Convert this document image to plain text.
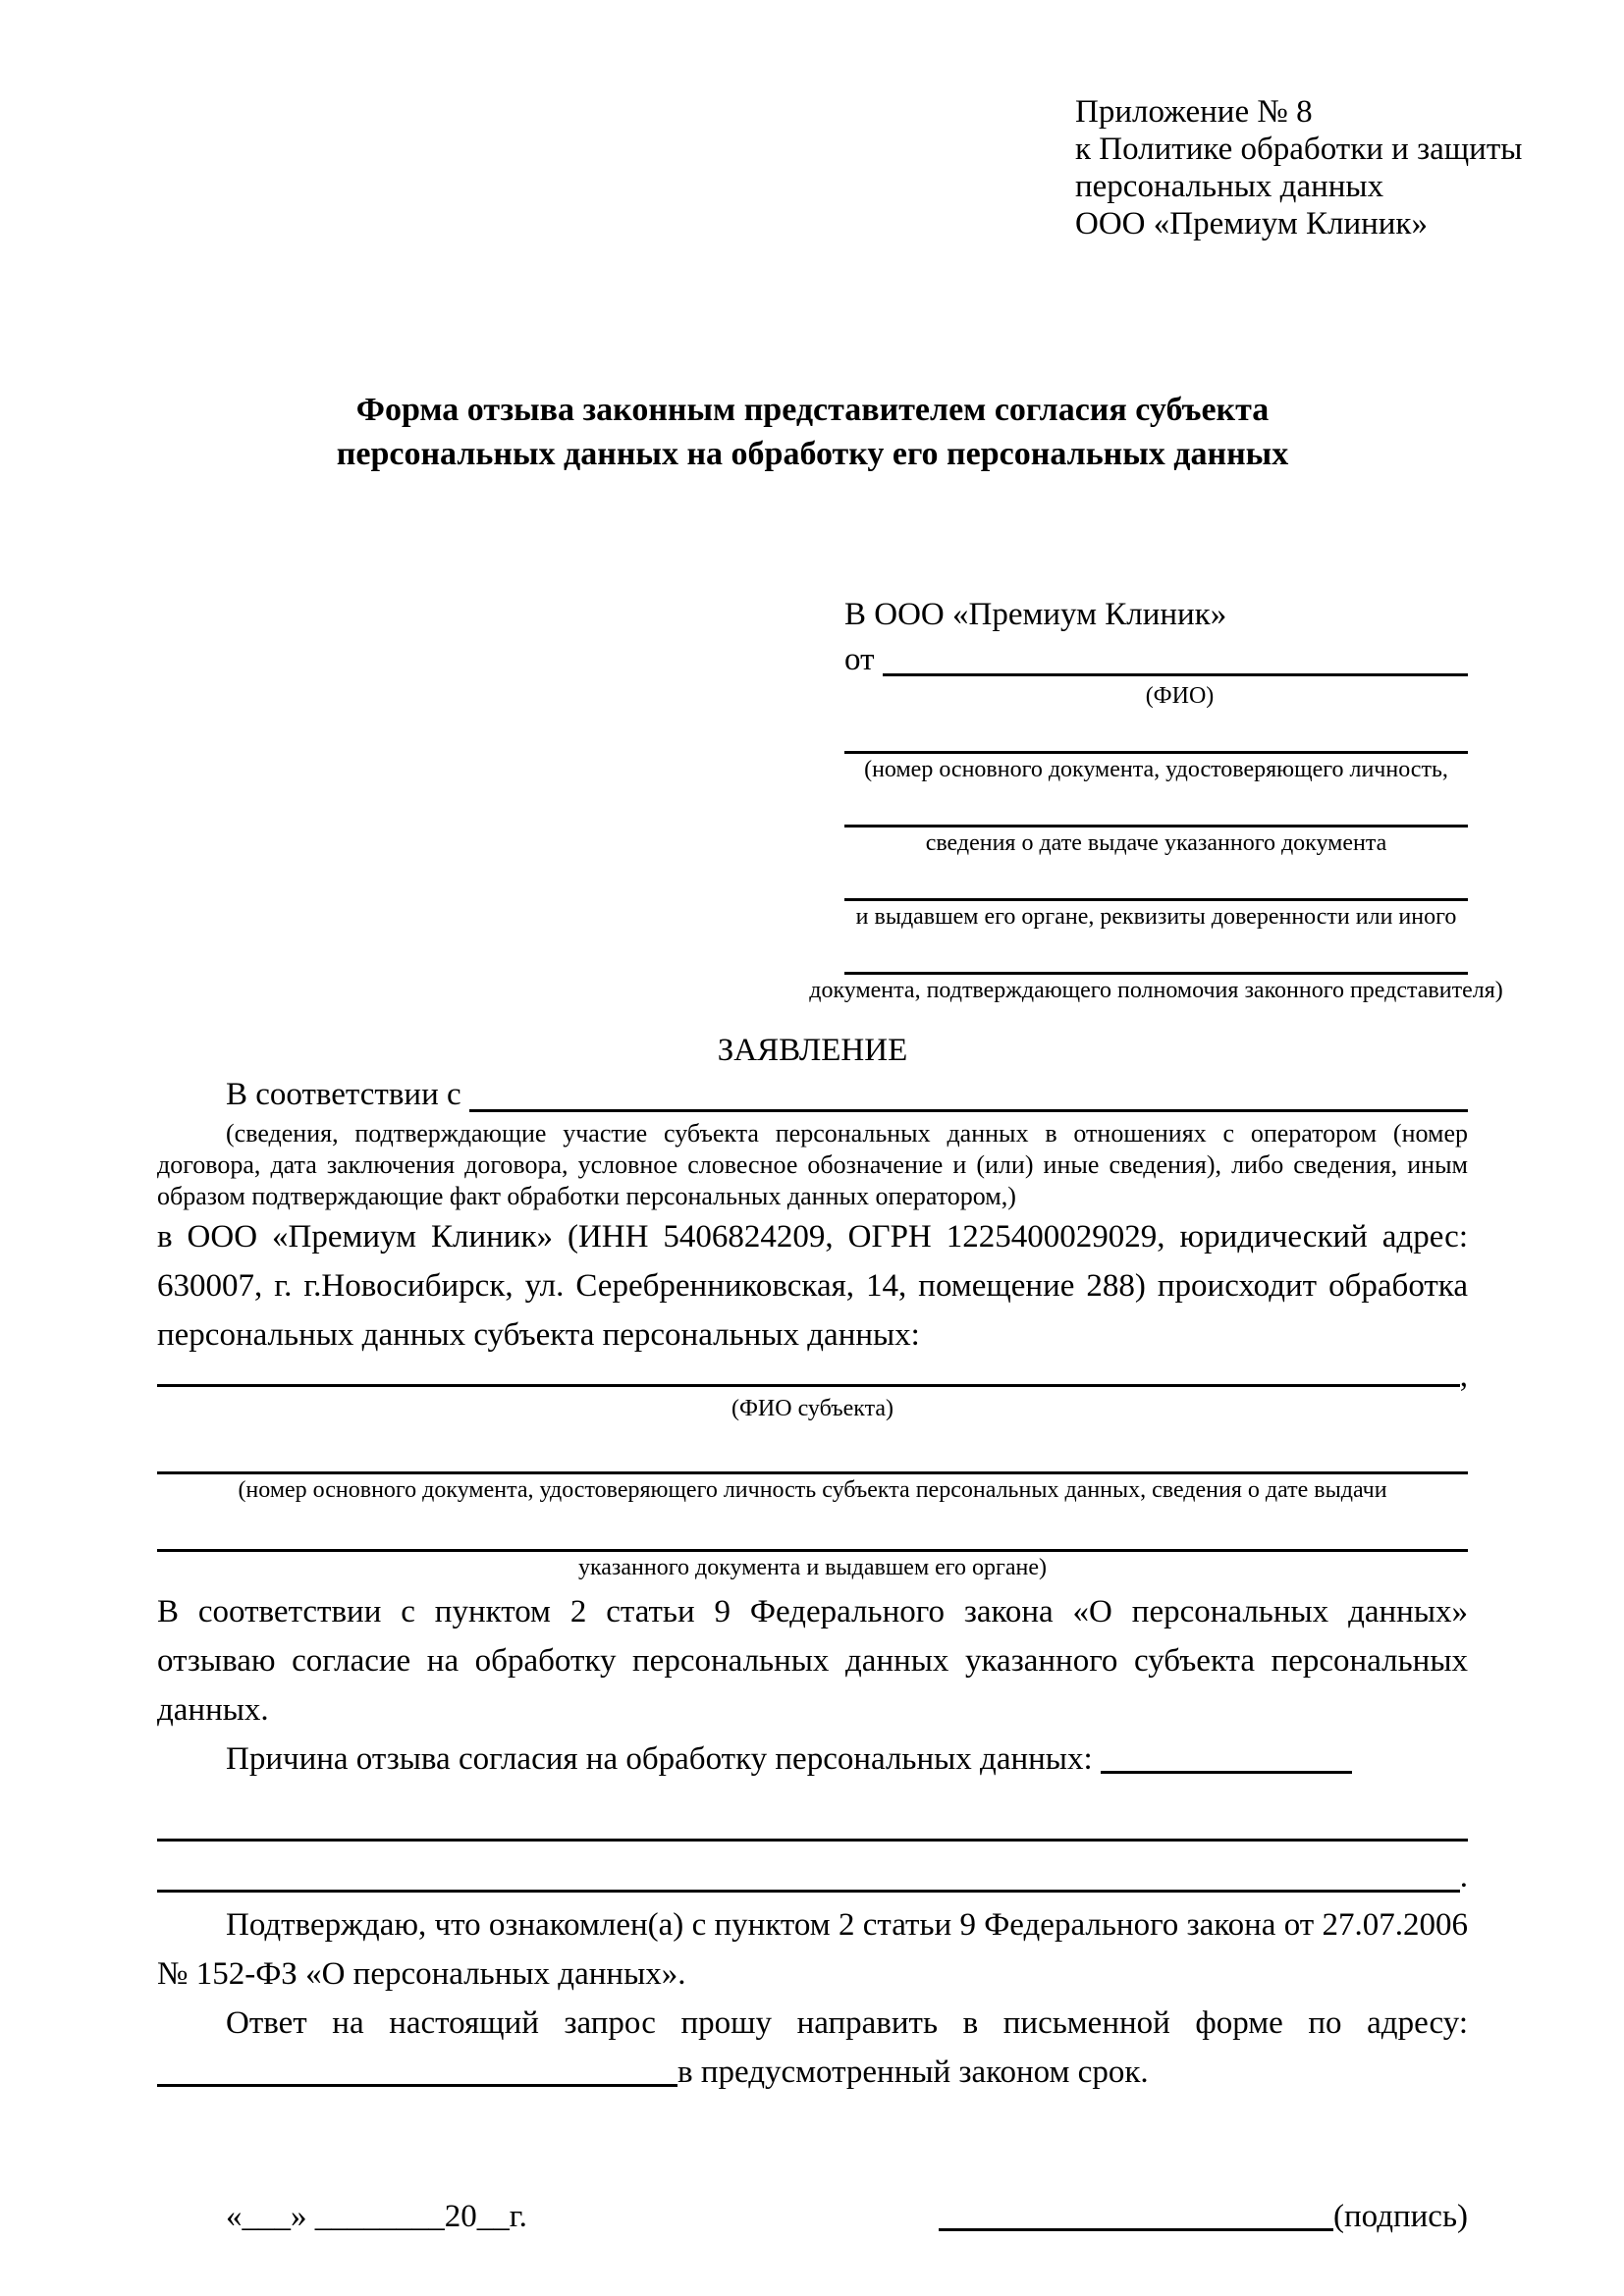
Приложение № 8
к Политике обработки и защиты
персональных данных
ООО «Премиум Клиник»
Форма отзыва законным представителем согласия субъекта персональных данных на обработку его персональных данных
В ООО «Премиум Клиник»
от
(ФИО)
(номер основного документа, удостоверяющего личность,
сведения о дате выдаче указанного документа
и выдавшем его органе, реквизиты доверенности или иного
документа, подтверждающего полномочия законного представителя)
ЗАЯВЛЕНИЕ
В соответствии с
(сведения, подтверждающие участие субъекта персональных данных в отношениях с оператором (номер договора, дата заключения договора, условное словесное обозначение и (или) иные сведения), либо сведения, иным образом подтверждающие факт обработки персональных данных оператором,)
в ООО «Премиум Клиник» (ИНН 5406824209, ОГРН 1225400029029, юридический адрес: 630007, г. г.Новосибирск, ул. Серебренниковская, 14, помещение 288) происходит обработка персональных данных субъекта персональных данных:
,
(ФИО субъекта)
(номер основного документа, удостоверяющего личность субъекта персональных данных, сведения о дате выдачи
указанного документа и выдавшем его органе)
В соответствии с пунктом 2 статьи 9 Федерального закона «О персональных данных» отзываю согласие на обработку персональных данных указанного субъекта персональных данных.
Причина отзыва согласия на обработку персональных данных:
.
Подтверждаю, что ознакомлен(а) с пунктом 2 статьи 9 Федерального закона от 27.07.2006 № 152-ФЗ «О персональных данных».
Ответ на настоящий запрос прошу направить в письменной форме по адресу: в предусмотренный законом срок.
«___» ________20__г.	(подпись)
